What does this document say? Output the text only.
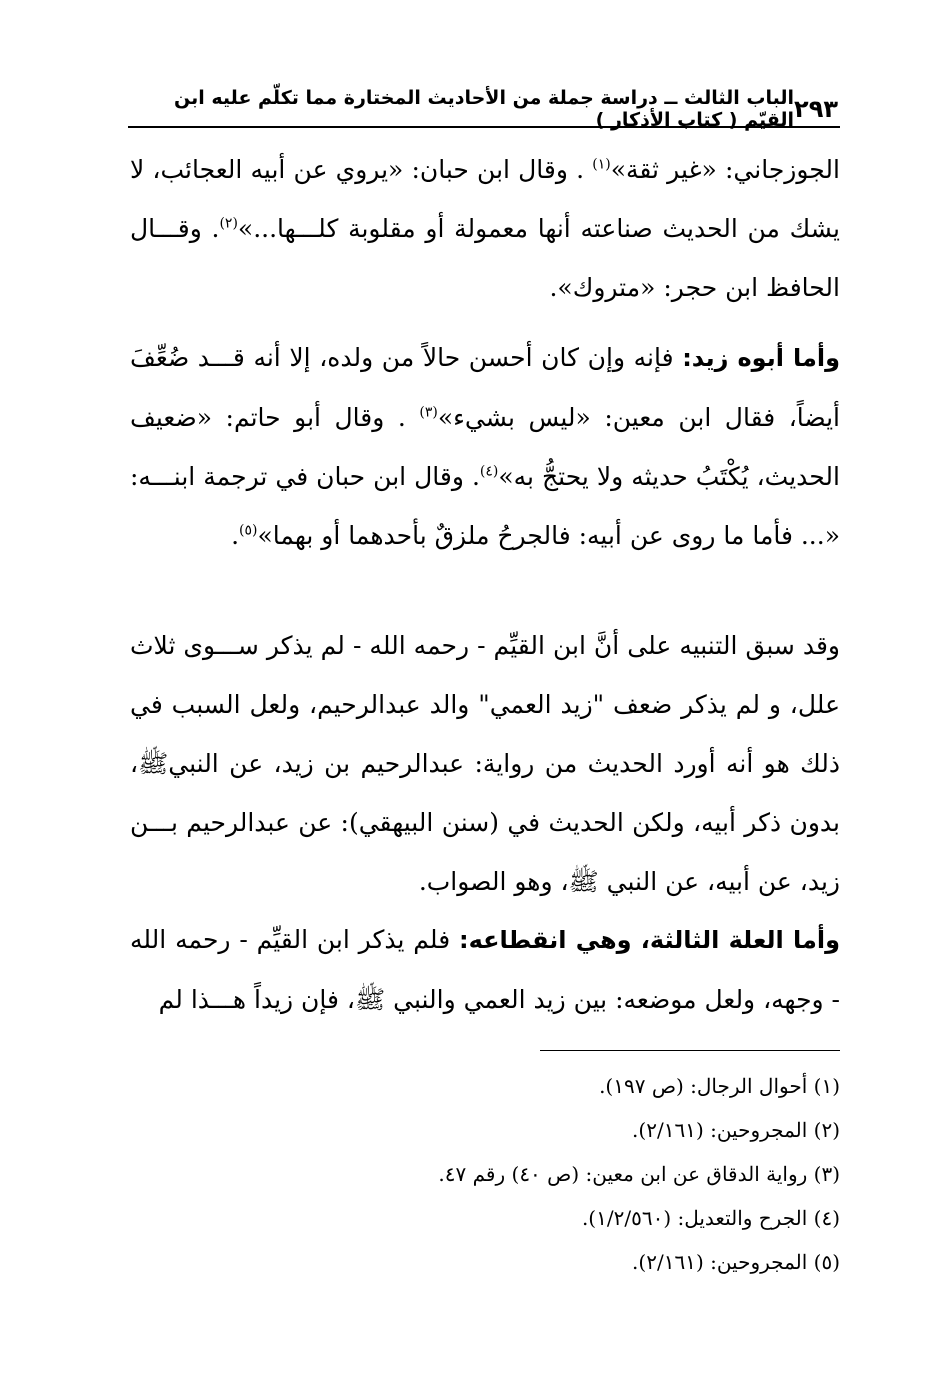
الباب الثالث ــ دراسة جملة من الأحاديث المختارة مما تكلّم عليه ابن القيّم ( كتاب الأذكار ) ٢٩٣

الجوزجاني: «غير ثقة»$^{(١)}$ . وقال ابن حبان: «يروي عن أبيه العجائب، لا يشك من الحديث صناعته أنها معمولة أو مقلوبة كلـــها...»$^{(٢)}$. وقـــال الحافظ ابن حجر: «متروك».

وأما أبوه زيد: فإنه وإن كان أحسن حالاً من ولده، إلا أنه قـــد ضُعِّفَ أيضاً، فقال ابن معين: «ليس بشيء»$^{(٣)}$ . وقال أبو حاتم: «ضعيف الحديث، يُكْتَبُ حديثه ولا يحتجُّ به»$^{(٤)}$. وقال ابن حبان في ترجمة ابنـــه: «... فأما ما روى عن أبيه: فالجرحُ ملزقٌ بأحدهما أو بهما»$^{(٥)}$.

وقد سبق التنبيه على أنَّ ابن القيِّم - رحمه الله - لم يذكر ســـوى ثلاث علل، و لم يذكر ضعف "زيد العمي" والد عبدالرحيم، ولعل السبب في ذلك هو أنه أورد الحديث من رواية: عبدالرحيم بن زيد، عن النبيﷺ، بدون ذكر أبيه، ولكن الحديث في (سنن البيهقي): عن عبدالرحيم بـــن زيد، عن أبيه، عن النبي ﷺ، وهو الصواب.

وأما العلة الثالثة، وهي انقطاعه: فلم يذكر ابن القيِّم - رحمه الله - وجهه، ولعل موضعه: بين زيد العمي والنبي ﷺ، فإن زيداً هـــذا لم

(١) أحوال الرجال: (ص ١٩٧).
(٢) المجروحين: (٢/١٦١).
(٣) رواية الدقاق عن ابن معين: (ص ٤٠) رقم ٤٧.
(٤) الجرح والتعديل: (١/٢/٥٦٠).
(٥) المجروحين: (٢/١٦١).
